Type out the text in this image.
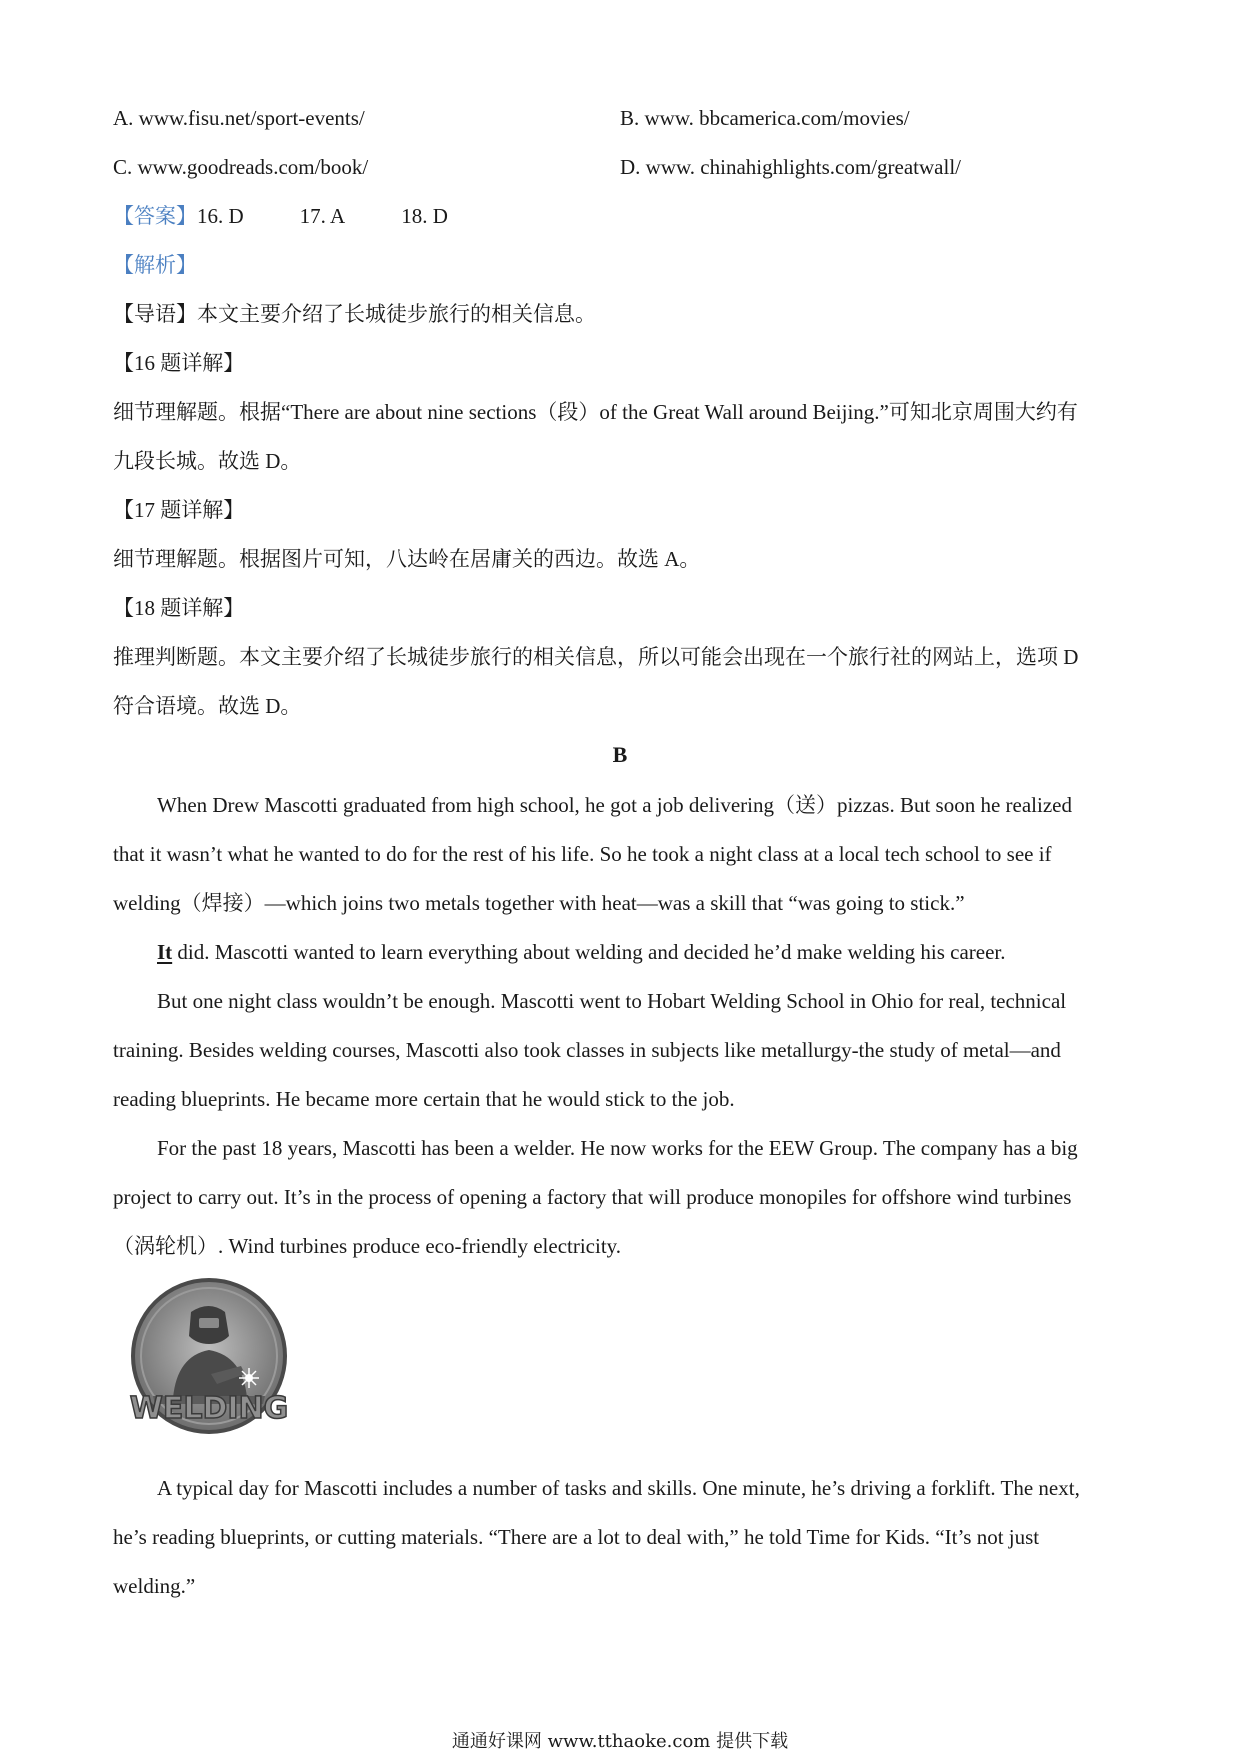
A. www.fisu.net/sport-events/	B. www. bbcamerica.com/movies/

C. www.goodreads.com/book/	D. www. chinahighlights.com/greatwall/

【答案】16. D	17. A	18. D

【解析】

【导语】本文主要介绍了长城徒步旅行的相关信息。

【16 题详解】

细节理解题。根据“There are about nine sections（段）of the Great Wall around Beijing.”可知北京周围大约有

九段长城。故选 D。

【17 题详解】

细节理解题。根据图片可知，八达岭在居庸关的西边。故选 A。

【18 题详解】

推理判断题。本文主要介绍了长城徒步旅行的相关信息，所以可能会出现在一个旅行社的网站上，选项 D

符合语境。故选 D。

B

When Drew Mascotti graduated from high school, he got a job delivering（送）pizzas. But soon he realized

that it wasn’t what he wanted to do for the rest of his life. So he took a night class at a local tech school to see if

welding（焊接）—which joins two metals together with heat—was a skill that “was going to stick.”

It did. Mascotti wanted to learn everything about welding and decided he’d make welding his career.

But one night class wouldn’t be enough. Mascotti went to Hobart Welding School in Ohio for real, technical

training. Besides welding courses, Mascotti also took classes in subjects like metallurgy-the study of metal—and

reading blueprints. He became more certain that he would stick to the job.

For the past 18 years, Mascotti has been a welder. He now works for the EEW Group. The company has a big

project to carry out. It’s in the process of opening a factory that will produce monopiles for offshore wind turbines

（涡轮机）. Wind turbines produce eco-friendly electricity.

WELDING

A typical day for Mascotti includes a number of tasks and skills. One minute, he’s driving a forklift. The next,

he’s reading blueprints, or cutting materials. “There are a lot to deal with,” he told Time for Kids. “It’s not just

welding.”

通通好课网 www.tthaoke.com 提供下载
